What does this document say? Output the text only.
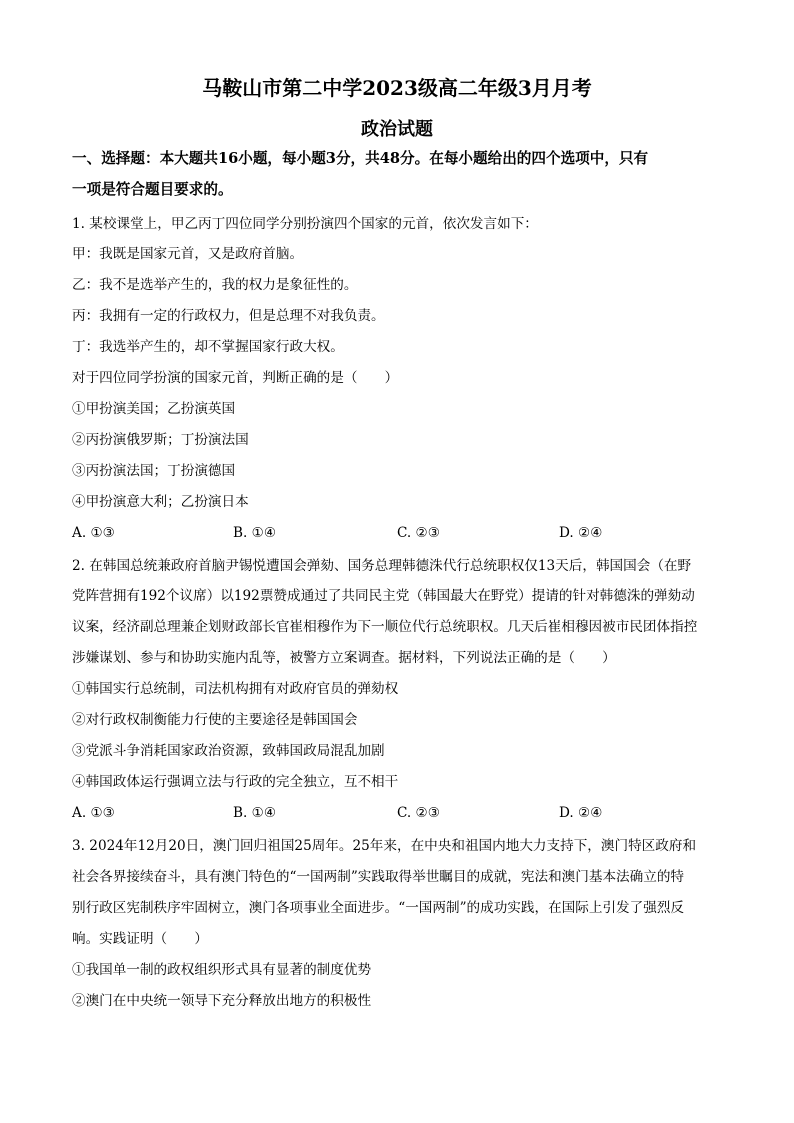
马鞍山市第二中学2023级高二年级3月月考
政治试题
一、选择题：本大题共16小题，每小题3分，共48分。在每小题给出的四个选项中，只有
一项是符合题目要求的。
1. 某校课堂上，甲乙丙丁四位同学分别扮演四个国家的元首，依次发言如下：
甲：我既是国家元首，又是政府首脑。
乙：我不是选举产生的，我的权力是象征性的。
丙：我拥有一定的行政权力，但是总理不对我负责。
丁：我选举产生的，却不掌握国家行政大权。
对于四位同学扮演的国家元首，判断正确的是（　　）
①甲扮演美国；乙扮演英国
②丙扮演俄罗斯；丁扮演法国
③丙扮演法国；丁扮演德国
④甲扮演意大利；乙扮演日本
A. ①③	B. ①④	C. ②③	D. ②④
2. 在韩国总统兼政府首脑尹锡悦遭国会弹劾、国务总理韩德洙代行总统职权仅13天后，韩国国会（在野
党阵营拥有192个议席）以192票赞成通过了共同民主党（韩国最大在野党）提请的针对韩德洙的弹劾动
议案，经济副总理兼企划财政部长官崔相穆作为下一顺位代行总统职权。几天后崔相穆因被市民团体指控
涉嫌谋划、参与和协助实施内乱等，被警方立案调查。据材料，下列说法正确的是（　　）
①韩国实行总统制，司法机构拥有对政府官员的弹劾权
②对行政权制衡能力行使的主要途径是韩国国会
③党派斗争消耗国家政治资源，致韩国政局混乱加剧
④韩国政体运行强调立法与行政的完全独立，互不相干
A. ①③	B. ①④	C. ②③	D. ②④
3. 2024年12月20日，澳门回归祖国25周年。25年来，在中央和祖国内地大力支持下，澳门特区政府和
社会各界接续奋斗，具有澳门特色的“一国两制”实践取得举世瞩目的成就，宪法和澳门基本法确立的特
别行政区宪制秩序牢固树立，澳门各项事业全面进步。“一国两制”的成功实践，在国际上引发了强烈反
响。实践证明（　　）
①我国单一制的政权组织形式具有显著的制度优势
②澳门在中央统一领导下充分释放出地方的积极性
